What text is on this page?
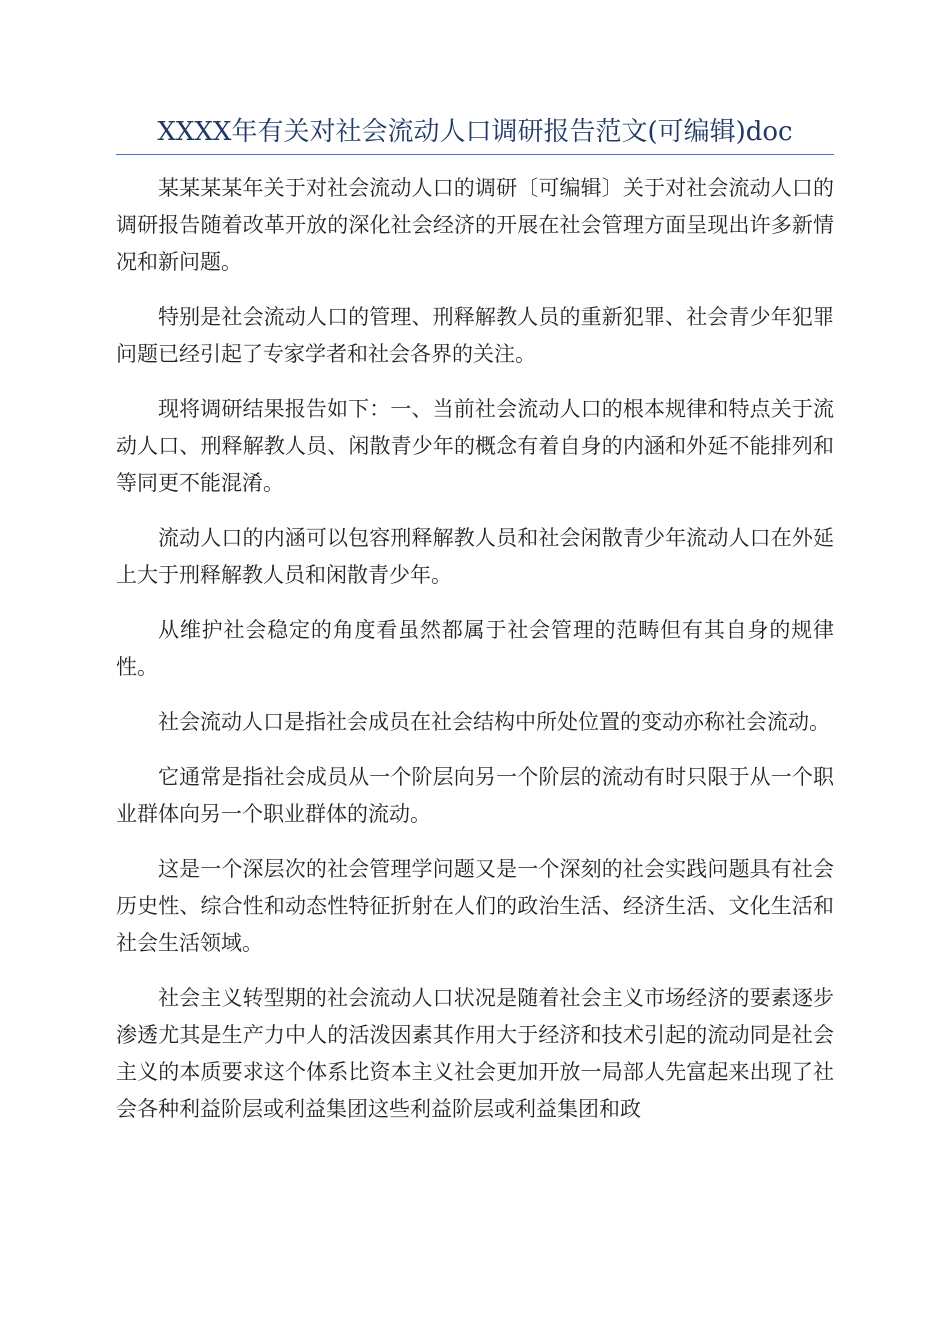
XXXX年有关对社会流动人口调研报告范文(可编辑)doc

某某某某年关于对社会流动人口的调研〔可编辑〕关于对社会流动人口的调研报告随着改革开放的深化社会经济的开展在社会管理方面呈现出许多新情况和新问题。

特别是社会流动人口的管理、刑释解教人员的重新犯罪、社会青少年犯罪问题已经引起了专家学者和社会各界的关注。

现将调研结果报告如下：一、当前社会流动人口的根本规律和特点关于流动人口、刑释解教人员、闲散青少年的概念有着自身的内涵和外延不能排列和等同更不能混淆。

流动人口的内涵可以包容刑释解教人员和社会闲散青少年流动人口在外延上大于刑释解教人员和闲散青少年。

从维护社会稳定的角度看虽然都属于社会管理的范畴但有其自身的规律性。

社会流动人口是指社会成员在社会结构中所处位置的变动亦称社会流动。

它通常是指社会成员从一个阶层向另一个阶层的流动有时只限于从一个职业群体向另一个职业群体的流动。

这是一个深层次的社会管理学问题又是一个深刻的社会实践问题具有社会历史性、综合性和动态性特征折射在人们的政治生活、经济生活、文化生活和社会生活领域。

社会主义转型期的社会流动人口状况是随着社会主义市场经济的要素逐步渗透尤其是生产力中人的活泼因素其作用大于经济和技术引起的流动同是社会主义的本质要求这个体系比资本主义社会更加开放一局部人先富起来出现了社会各种利益阶层或利益集团这些利益阶层或利益集团和政
